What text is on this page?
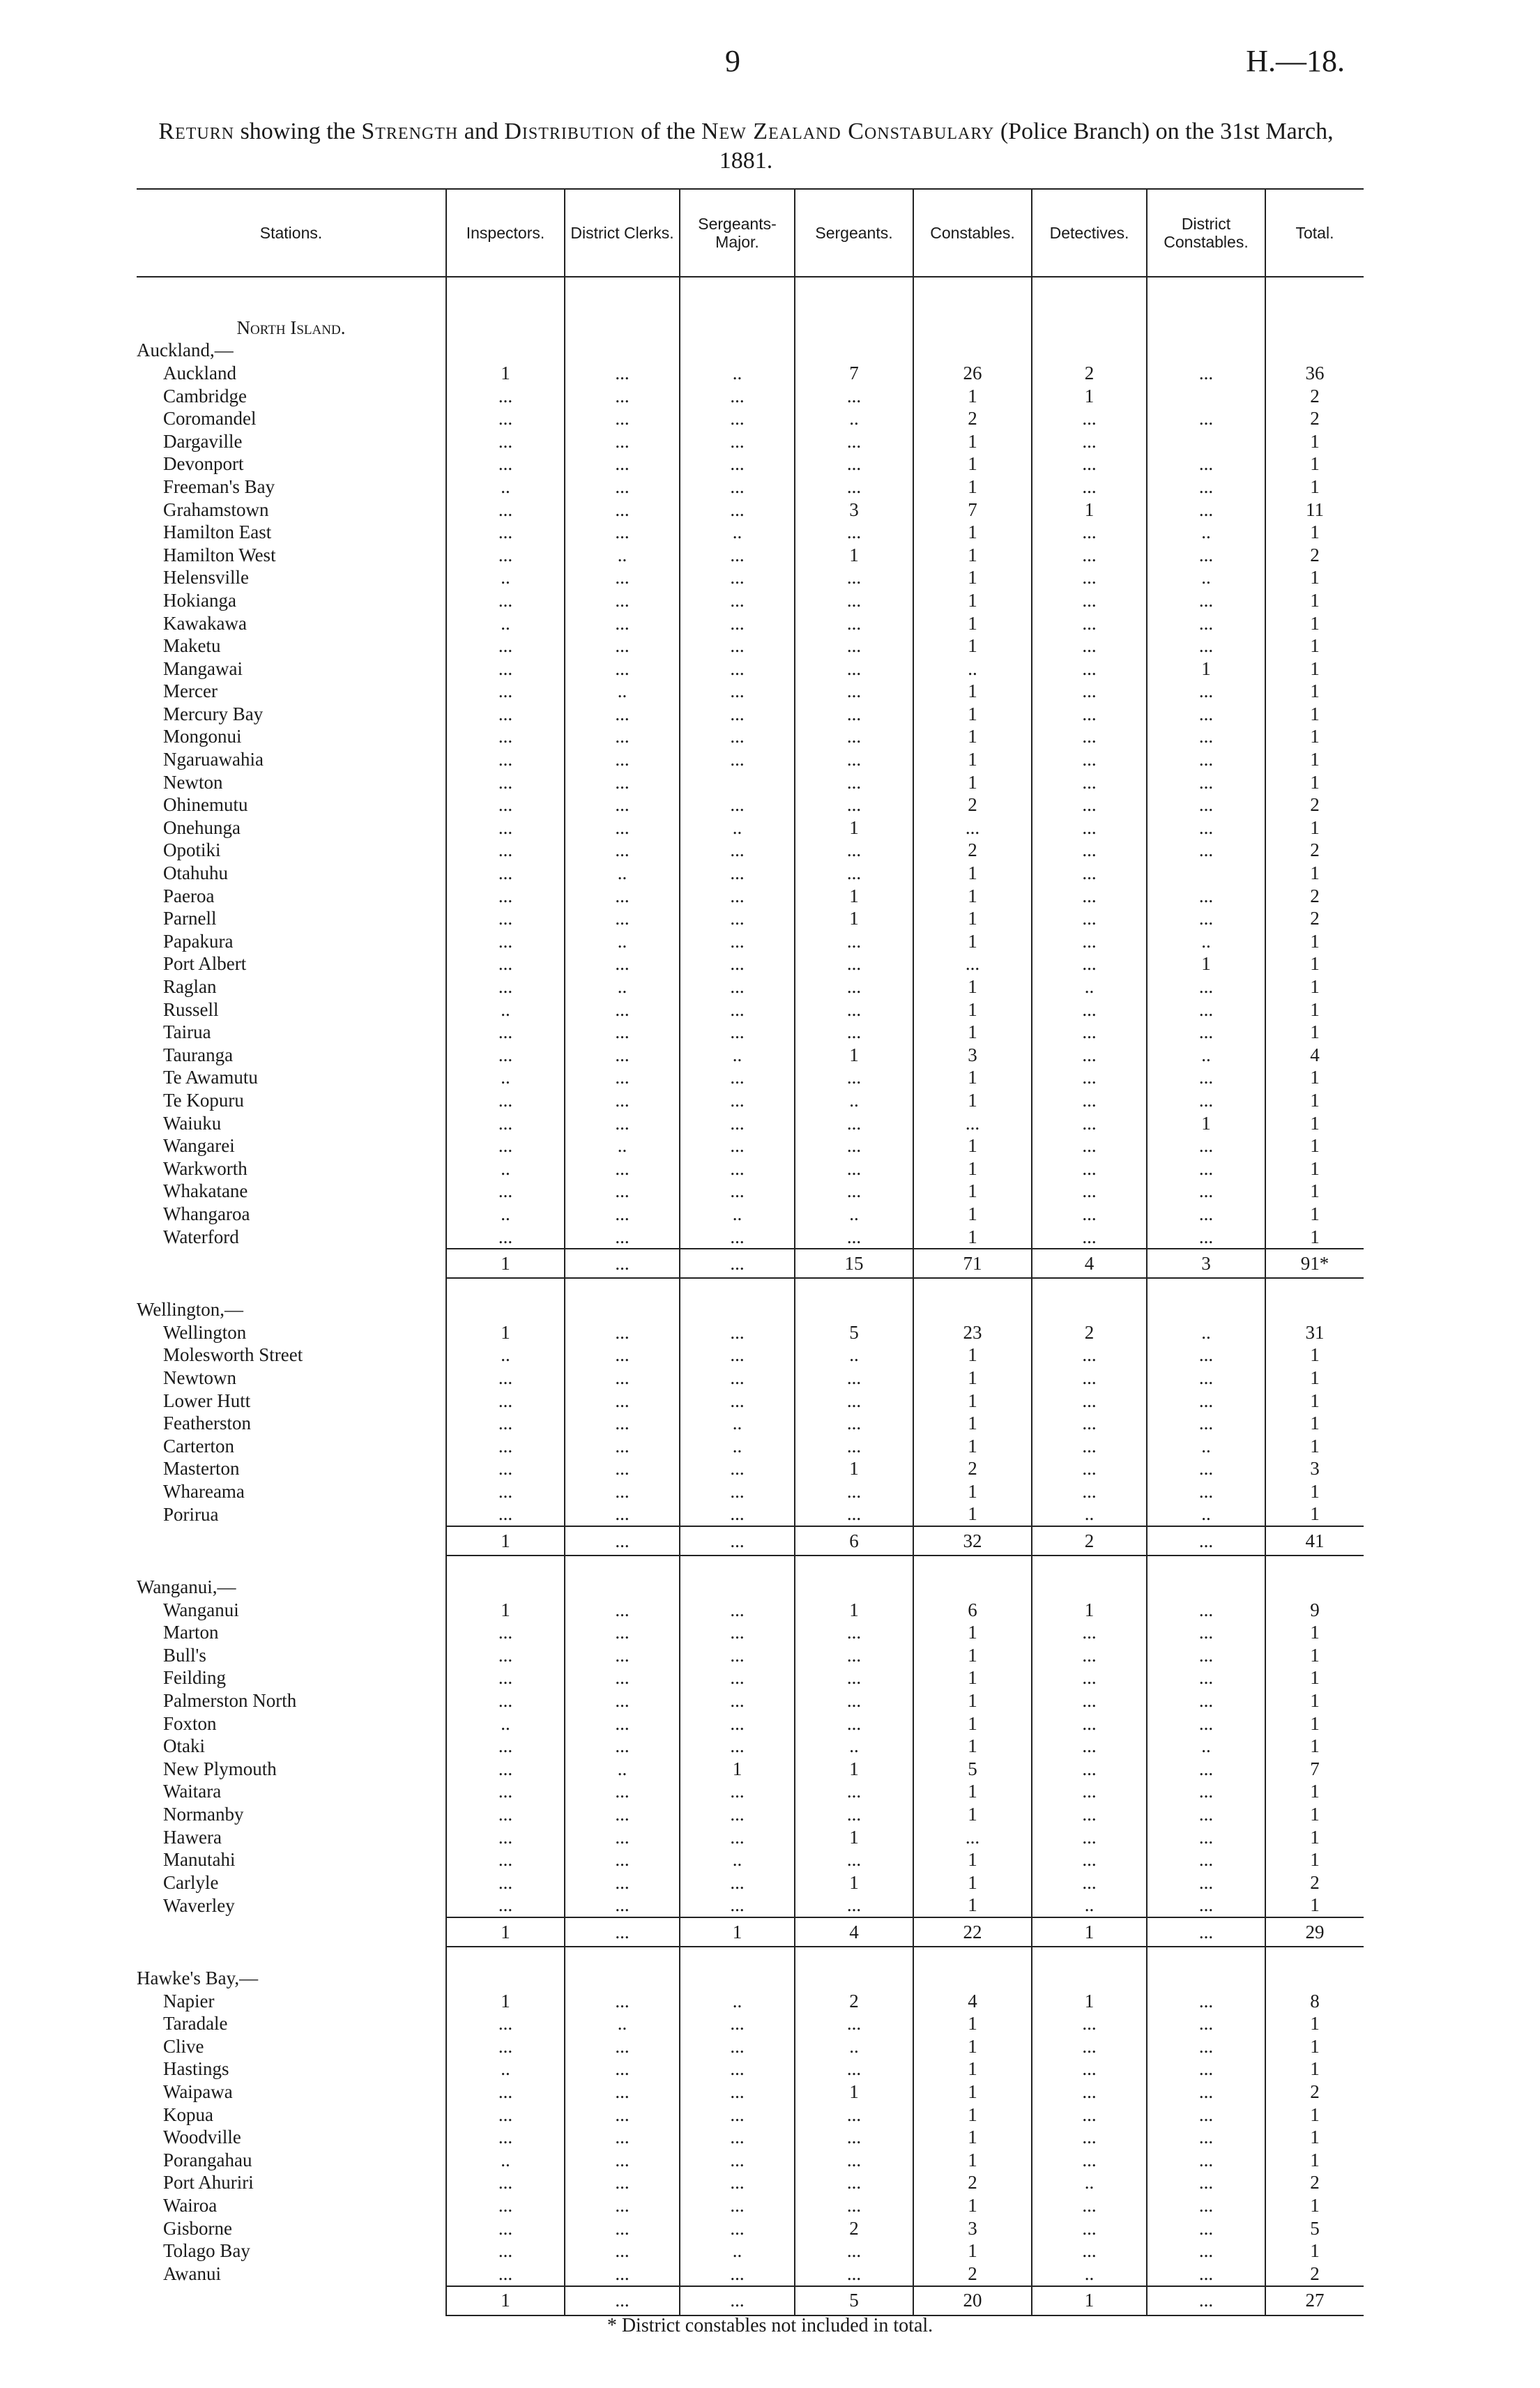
9	H.—18.
Return showing the Strength and Distribution of the New Zealand Constabulary (Police Branch) on the 31st March, 1881.
Stations.	Inspectors.	District Clerks.	Sergeants-Major.	Sergeants.	Constables.	Detectives.	District Constables.	Total.

North Island.								
Auckland,—								
Auckland	1	...	..	7	26	2	...	36
Cambridge	...	...	...	...	1	1		2
Coromandel	...	...	...	..	2	...	...	2
Dargaville	...	...	...	...	1	...		1
Devonport	...	...	...	...	1	...	...	1
Freeman's Bay	..	...	...	...	1	...	...	1
Grahamstown	...	...	...	3	7	1	...	11
Hamilton East	...	...	..	...	1	...	..	1
Hamilton West	...	..	...	1	1	...	...	2
Helensville	..	...	...	...	1	...	..	1
Hokianga	...	...	...	...	1	...	...	1
Kawakawa	..	...	...	...	1	...	...	1
Maketu	...	...	...	...	1	...	...	1
Mangawai	...	...	...	...	..	...	1	1
Mercer	...	..	...	...	1	...	...	1
Mercury Bay	...	...	...	...	1	...	...	1
Mongonui	...	...	...	...	1	...	...	1
Ngaruawahia	...	...	...	...	1	...	...	1
Newton	...	...		...	1	...	...	1
Ohinemutu	...	...	...	...	2	...	...	2
Onehunga	...	...	..	1	...	...	...	1
Opotiki	...	...	...	...	2	...	...	2
Otahuhu	...	..	...	...	1	...		1
Paeroa	...	...	...	1	1	...	...	2
Parnell	...	...	...	1	1	...	...	2
Papakura	...	..	...	...	1	...	..	1
Port Albert	...	...	...	...	...	...	1	1
Raglan	...	..	...	...	1	..	...	1
Russell	..	...	...	...	1	...	...	1
Tairua	...	...	...	...	1	...	...	1
Tauranga	...	...	..	1	3	...	..	4
Te Awamutu	..	...	...	...	1	...	...	1
Te Kopuru	...	...	...	..	1	...	...	1
Waiuku	...	...	...	...	...	...	1	1
Wangarei	...	..	...	...	1	...	...	1
Warkworth	..	...	...	...	1	...	...	1
Whakatane	...	...	...	...	1	...	...	1
Whangaroa	..	...	..	..	1	...	...	1
Waterford	...	...	...	...	1	...	...	1
	1	...	...	15	71	4	3	91*

Wellington,—								
Wellington	1	...	...	5	23	2	..	31
Molesworth Street	..	...	...	..	1	...	...	1
Newtown	...	...	...	...	1	...	...	1
Lower Hutt	...	...	...	...	1	...	...	1
Featherston	...	...	..	...	1	...	...	1
Carterton	...	...	..	...	1	...	..	1
Masterton	...	...	...	1	2	...	...	3
Whareama	...	...	...	...	1	...	...	1
Porirua	...	...	...	...	1	..	..	1
	1	...	...	6	32	2	...	41

Wanganui,—								
Wanganui	1	...	...	1	6	1	...	9
Marton	...	...	...	...	1	...	...	1
Bull's	...	...	...	...	1	...	...	1
Feilding	...	...	...	...	1	...	...	1
Palmerston North	...	...	...	...	1	...	...	1
Foxton	..	...	...	...	1	...	...	1
Otaki	...	...	...	..	1	...	..	1
New Plymouth	...	..	1	1	5	...	...	7
Waitara	...	...	...	...	1	...	...	1
Normanby	...	...	...	...	1	...	...	1
Hawera	...	...	...	1	...	...	...	1
Manutahi	...	...	..	...	1	...	...	1
Carlyle	...	...	...	1	1	...	...	2
Waverley	...	...	...	...	1	..	...	1
	1	...	1	4	22	1	...	29

Hawke's Bay,—								
Napier	1	...	..	2	4	1	...	8
Taradale	...	..	...	...	1	...	...	1
Clive	...	...	...	..	1	...	...	1
Hastings	..	...	...	...	1	...	...	1
Waipawa	...	...	...	1	1	...	...	2
Kopua	...	...	...	...	1	...	...	1
Woodville	...	...	...	...	1	...	...	1
Porangahau	..	...	...	...	1	...	...	1
Port Ahuriri	...	...	...	...	2	..	...	2
Wairoa	...	...	...	...	1	...	...	1
Gisborne	...	...	...	2	3	...	...	5
Tolago Bay	...	...	..	...	1	...	...	1
Awanui	...	...	...	...	2	..	...	2
	1	...	...	5	20	1	...	27
* District constables not included in total.
